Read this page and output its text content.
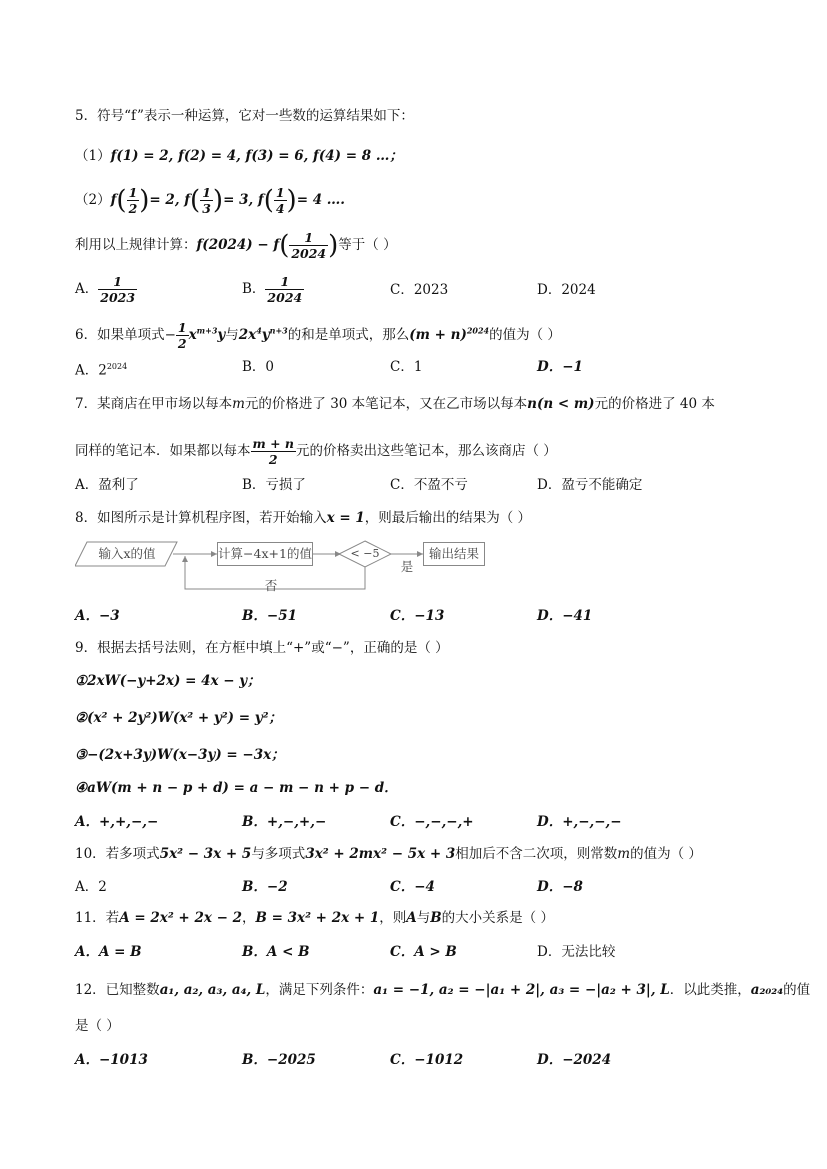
5．符号“f”表示一种运算，它对一些数的运算结果如下：
（1）f(1) = 2, f(2) = 4, f(3) = 6, f(4) = 8 …；
$(2)f( \frac{1}{2}$ )= 2, $f( \frac{1}{3}$ )= 3, $f( \frac{1}{4}$ )= 4 ….
利用以上规律计算：$f(2024) - f( \frac{1}{2024}$ )等于（ ）
A． $\frac{1}{2023}$	B． $\frac{1}{2024}$	C．2023	D．2024
6．如果单项式− $\frac{1}{2} x^{m+3}y$与$2x^4y^{n+3}$的和是单项式，那么$(m + n)^{2024}$的值为（ ）
A．$2^{2024}$	B．0	C．1	D．−1
7．某商店在甲市场以每本m元的价格进了 30 本笔记本，又在乙市场以每本n(n < m)元的价格进了 40 本
同样的笔记本．如果都以每本 $\frac{m + n}{2}$ 元的价格卖出这些笔记本，那么该商店（ ）
A．盈利了	B．亏损了	C．不盈不亏	D．盈亏不能确定
8．如图所示是计算机程序图，若开始输入x = 1，则最后输出的结果为（ ）
输入x的值	计算−4x+1的值	< −5	输出结果
是
否
A．−3	B．−51	C．−13	D．−41
9．根据去括号法则，在方框中填上“+”或“−”，正确的是（ ）
①2xW(−y+2x) = 4x − y；
②(x² + 2y²)W(x² + y²) = y²；
③−(2x+3y)W(x−3y) = −3x；
④aW(m + n − p + d) = a − m − n + p − d．
A．+,+,−,−	B．+,−,+,−	C．−,−,−,+	D．+,−,−,−
10．若多项式5x² − 3x + 5与多项式3x² + 2mx² − 5x + 3相加后不含二次项，则常数m的值为（ ）
A．2	B．−2	C．−4	D．−8
11．若A = 2x² + 2x − 2，B = 3x² + 2x + 1，则A与B的大小关系是（ ）
A．A = B	B．A < B	C．A > B	D．无法比较
12．已知整数a₁, a₂, a₃, a₄, L，满足下列条件：a₁ = −1, a₂ = −|a₁ + 2|, a₃ = −|a₂ + 3|, L．以此类推，a₂₀₂₄的值
是（ ）
A．−1013	B．−2025	C．−1012	D．−2024
